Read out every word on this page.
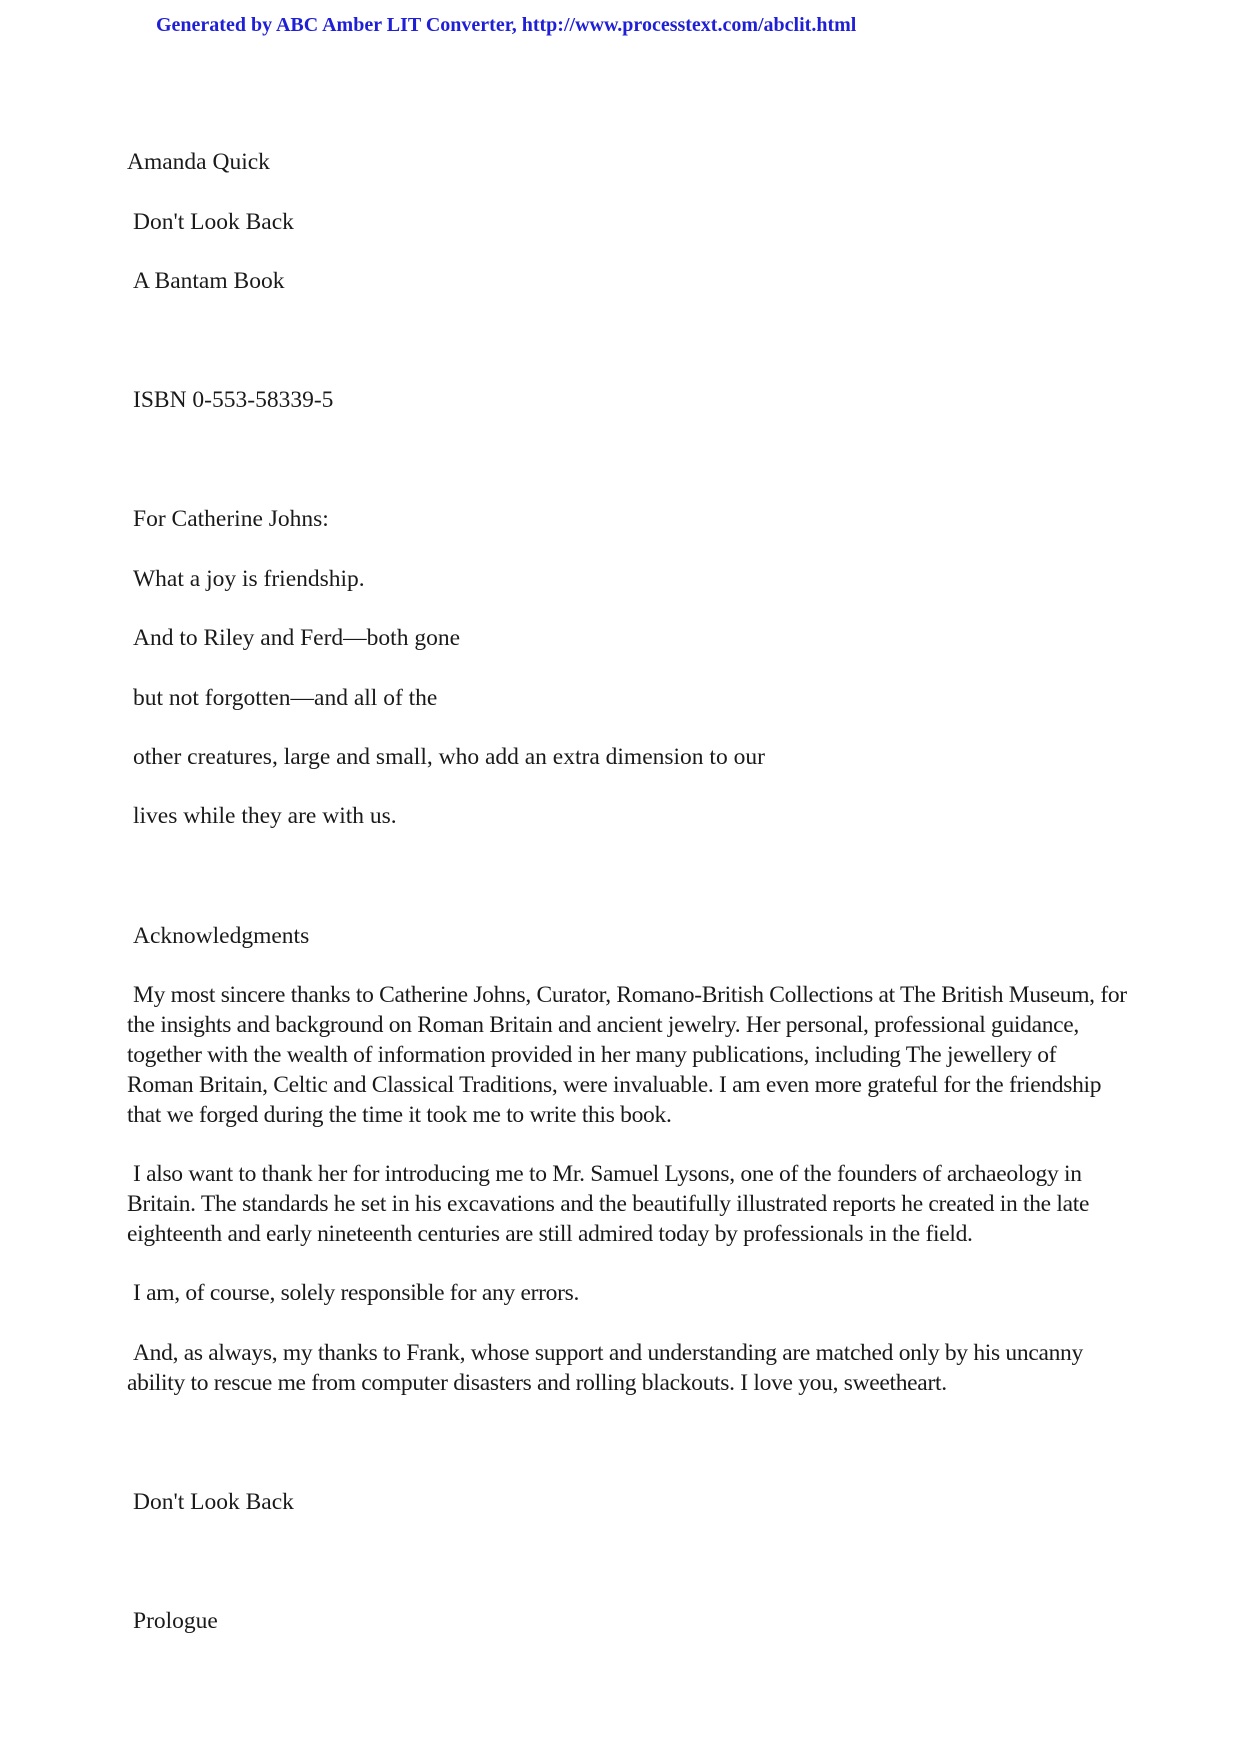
Generated by ABC Amber LIT Converter, http://www.processtext.com/abclit.html
Amanda Quick
Don't Look Back
A Bantam Book
ISBN 0-553-58339-5
For Catherine Johns:
What a joy is friendship.
And to Riley and Ferd—both gone
but not forgotten—and all of the
other creatures, large and small, who add an extra dimension to our
lives while they are with us.
Acknowledgments
My most sincere thanks to Catherine Johns, Curator, Romano-British Collections at The British Museum, for the insights and background on Roman Britain and ancient jewelry. Her personal, professional guidance, together with the wealth of information provided in her many publications, including The jewellery of Roman Britain, Celtic and Classical Traditions, were invaluable. I am even more grateful for the friendship that we forged during the time it took me to write this book.
I also want to thank her for introducing me to Mr. Samuel Lysons, one of the founders of archaeology in Britain. The standards he set in his excavations and the beautifully illustrated reports he created in the late eighteenth and early nineteenth centuries are still admired today by professionals in the field.
I am, of course, solely responsible for any errors.
And, as always, my thanks to Frank, whose support and understanding are matched only by his uncanny ability to rescue me from computer disasters and rolling blackouts. I love you, sweetheart.
Don't Look Back
Prologue
